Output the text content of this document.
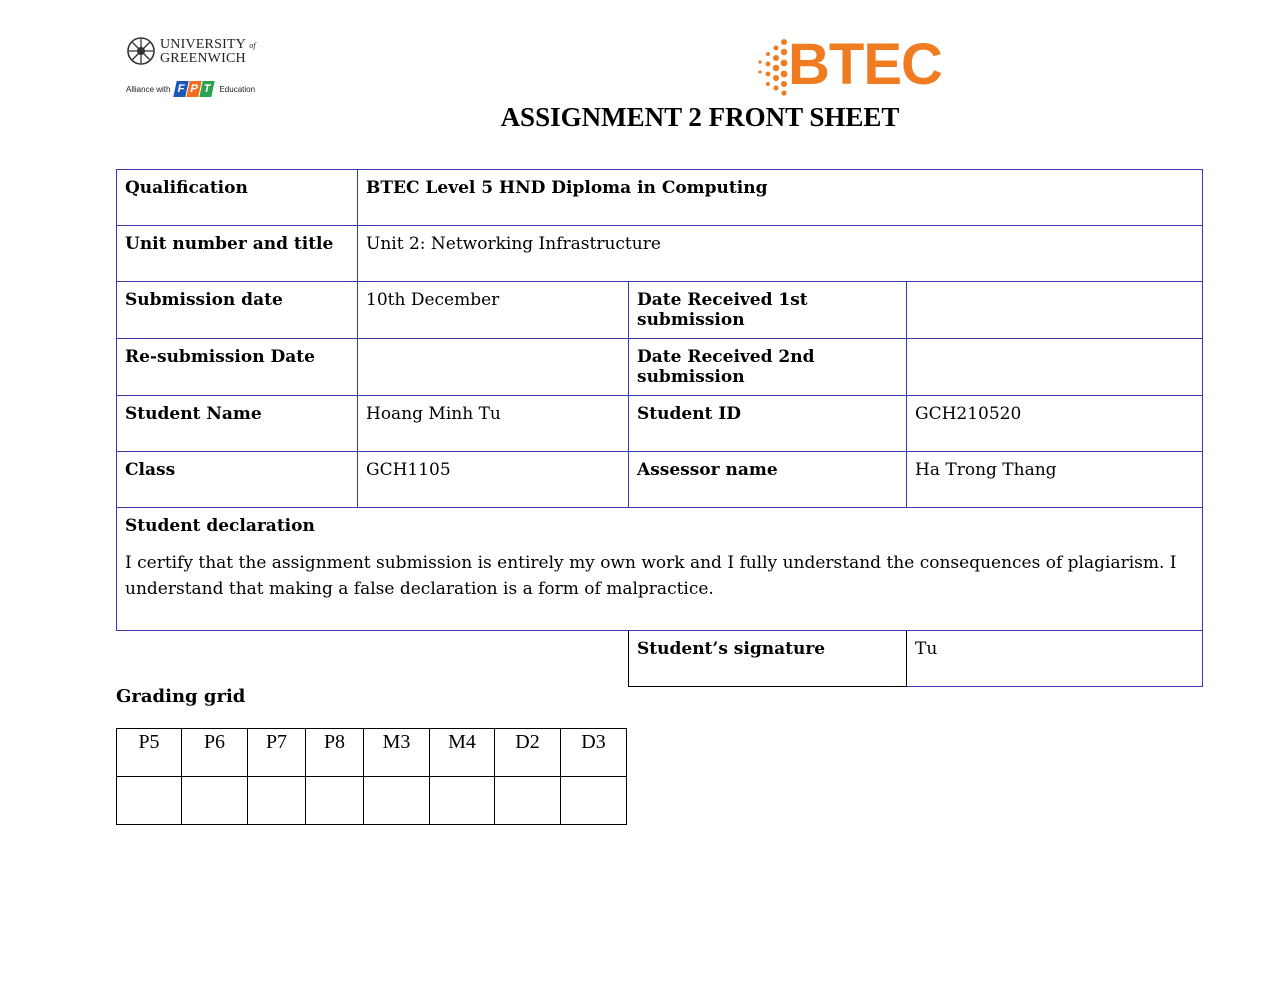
UNIVERSITY of
GREENWICH
Alliance with F P T Education	BTEC
ASSIGNMENT 2 FRONT SHEET
Qualification	BTEC Level 5 HND Diploma in Computing		
Unit number and title	Unit 2: Networking Infrastructure		
Submission date	10th December	Date Received 1st submission	
Re-submission Date		Date Received 2nd submission	
Student Name	Hoang Minh Tu	Student ID	GCH210520
Class	GCH1105	Assessor name	Ha Trong Thang

Student declaration
I certify that the assignment submission is entirely my own work and I fully understand the consequences of plagiarism. I understand that making a false declaration is a form of malpractice.			

		Student’s signature	Tu
Grading grid
P5	P6	P7	P8	M3	M4	D2	D3
